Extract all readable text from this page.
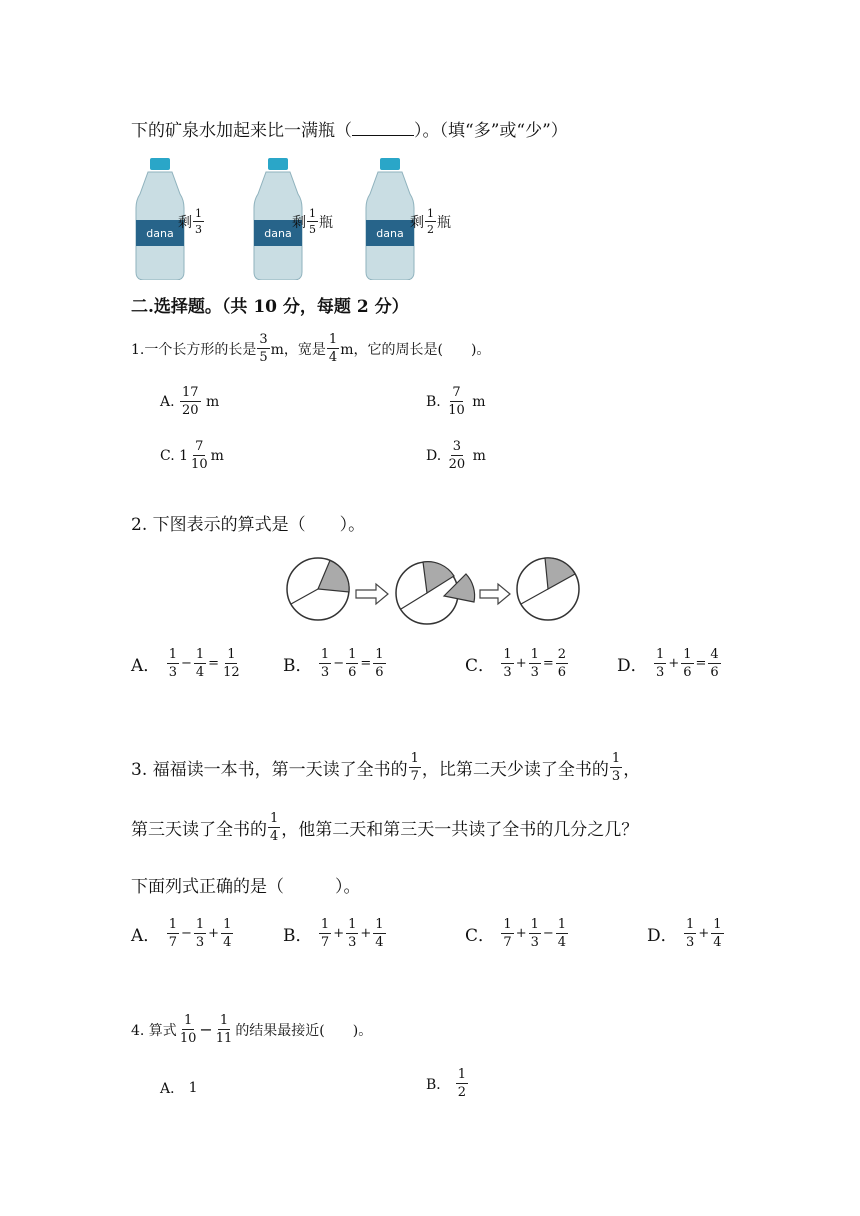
下的矿泉水加起来比一满瓶（	）。（填“多”或“少”）
dana
剩 $\frac{1}{3}$	dana
剩 $\frac{1}{5}$ 瓶
dana
剩 $\frac{1}{2}$ 瓶
二.选择题。（共 10 分，每题 2 分）
1.一个长方形的长是 $\frac{3}{5}$ m，宽是 $\frac{1}{4}$ m，它的周长是(　　)。
A.
$\frac{17}{20}$
m	B.
$\frac{7}{10}$
m
C.
$1 \frac{7}{10}$ m	D.
$\frac{3}{20}$
m
2. 下图表示的算式是（　　）。
A．
$\frac{1}{3} - \frac{1}{4} = \frac{1}{12}$ B．
$\frac{1}{3} - \frac{1}{6} = \frac{1}{6}$	C．
$\frac{1}{3} + \frac{1}{3} = \frac{2}{6}$	D．
$\frac{1}{3} + \frac{1}{6} = \frac{4}{6}$
3. 福福读一本书，第一天读了全书的 $\frac{1}{7}$ ，比第二天少读了全书的 $\frac{1}{3}$ ，
第三天读了全书的 $\frac{1}{4}$ ，他第二天和第三天一共读了全书的几分之几？
下面列式正确的是（　　　）。
A．
$\frac{1}{7} - \frac{1}{3} + \frac{1}{4}$	B．
$\frac{1}{7} + \frac{1}{3} + \frac{1}{4}$	C．
$\frac{1}{7} + \frac{1}{3} - \frac{1}{4}$	D．
$\frac{1}{3} + \frac{1}{4}$
4. 算式 $\frac{1}{10} - \frac{1}{11}$ 的结果最接近(　　)。
A．
1	B．
$\frac{1}{2}$
